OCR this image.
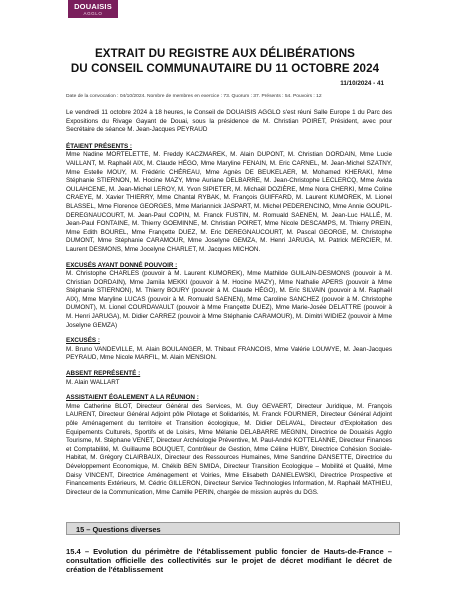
DOUAISIS
AGGLO
EXTRAIT DU REGISTRE AUX DÉLIBÉRATIONS
DU CONSEIL COMMUNAUTAIRE DU 11 OCTOBRE 2024
11/10/2024 - 41
Date de la convocation : 04/10/2024. Nombre de membres en exercice : 73. Quorum : 37. Présents : 54. Pouvoirs : 12

Le vendredi 11 octobre 2024 à 18 heures, le Conseil de DOUAISIS AGGLO s'est réuni Salle Europe 1 du Parc des Expositions du Rivage Gayant de Douai, sous la présidence de M. Christian POIRET, Président, avec pour Secrétaire de séance M. Jean-Jacques PEYRAUD

ÉTAIENT PRÉSENTS :

Mme Nadine MORTELETTE, M. Freddy KACZMAREK, M. Alain DUPONT, M. Christian DORDAIN, Mme Lucie VAILLANT, M. Raphaël AIX, M. Claude HÉGO, Mme Maryline FENAIN, M. Eric CARNEL, M. Jean-Michel SZATNY, Mme Estelle MOUY, M. Frédéric CHÉREAU, Mme Agnès DE BEUKELAER, M. Mohamed KHERAKI, Mme Stéphanie STIERNON, M. Hocine MAZY, Mme Auriane DELBARRE, M. Jean-Christophe LECLERCQ, Mme Avida OULAHCENE, M. Jean-Michel LEROY, M. Yvon SIPIETER, M. Michaël DOZIÈRE, Mme Nora CHERKI, Mme Coline CRAEYE, M. Xavier THIERRY, Mme Chantal RYBAK, M. François GUIFFARD, M. Laurent KUMOREK, M. Lionel BLASSEL, Mme Florence GEORGES, Mme Mariannick JASPART, M. Michel PEDERENCINO, Mme Annie GOUPIL-DEREGNAUCOURT, M. Jean-Paul COPIN, M. Franck FUSTIN, M. Romuald SAENEN, M. Jean-Luc HALLÉ, M. Jean-Paul FONTAINE, M. Thierry GOEMINNE, M. Christian POIRET, Mme Nicole DESCAMPS, M. Thierry PREIN, Mme Edith BOUREL, Mme Françette DUEZ, M. Eric DEREGNAUCOURT, M. Pascal GEORGE, M. Christophe DUMONT, Mme Stéphanie CARAMOUR, Mme Joselyne GEMZA, M. Henri JARUGA, M. Patrick MERCIER, M. Laurent DESMONS, Mme Jocelyne CHARLET, M. Jacques MICHON.

EXCUSÉS AYANT DONNÉ POUVOIR :

M. Christophe CHARLES (pouvoir à M. Laurent KUMOREK), Mme Mathilde GUILAIN-DESMONS (pouvoir à M. Christian DORDAIN), Mme Jamila MEKKI (pouvoir à M. Hocine MAZY), Mme Nathalie APERS (pouvoir à Mme Stéphanie STIERNON), M. Thierry BOURY (pouvoir à M. Claude HÉGO), M. Eric SILVAIN (pouvoir à M. Raphaël AIX), Mme Maryline LUCAS (pouvoir à M. Romuald SAENEN), Mme Caroline SANCHEZ (pouvoir à M. Christophe DUMONT), M. Lionel COURDAVAULT (pouvoir à Mme Françette DUEZ), Mme Marie-Josée DELATTRE (pouvoir à M. Henri JARUGA), M. Didier CARREZ (pouvoir à Mme Stéphanie CARAMOUR), M. Dimitri WIDIEZ (pouvoir à Mme Joselyne GEMZA)

EXCUSÉS :

M. Bruno VANDEVILLE, M. Alain BOULANGER, M. Thibaut FRANCOIS, Mme Valérie LOUWYE, M. Jean-Jacques PEYRAUD, Mme Nicole MARFIL, M. Alain MENSION.

ABSENT REPRÉSENTÉ :

M. Alain WALLART

ASSISTAIENT ÉGALEMENT A LA RÉUNION :

Mme Catherine BLOT, Directeur Général des Services, M. Guy GEVAERT, Directeur Juridique, M. François LAURENT, Directeur Général Adjoint pôle Pilotage et Solidarités, M. Franck FOURNIER, Directeur Général Adjoint pôle Aménagement du territoire et Transition écologique, M. Didier DELAVAL, Directeur d'Exploitation des Equipements Culturels, Sportifs et de Loisirs, Mme Mélanie DELABARRE MEGNIN, Directrice de Douaisis Agglo Tourisme, M. Stéphane VENET, Directeur Archéologie Préventive, M. Paul-André KOTTELANNE, Directeur Finances et Comptabilité, M. Guillaume BOUQUET, Contrôleur de Gestion, Mme Céline HUBY, Directrice Cohésion Sociale-Habitat, M. Grégory CLAIRBAUX, Directeur des Ressources Humaines, Mme Sandrine DANSETTE, Directrice du Développement Economique, M. Chékib BEN SMIDA, Directeur Transition Ecologique – Mobilité et Qualité, Mme Daisy VINCENT, Directrice Aménagement et Voiries, Mme Elisabeth DANIELEWSKI, Directrice Prospective et Financements Extérieurs, M. Cédric GILLERON, Directeur Service Technologies Information, M. Raphaël MATHIEU, Directeur de la Communication, Mme Camille PERIN, chargée de mission auprès du DGS.

15 – Questions diverses
15.4 – Evolution du périmètre de l'établissement public foncier de Hauts-de-France – consultation officielle des collectivités sur le projet de décret modifiant le décret de création de l'établissement
